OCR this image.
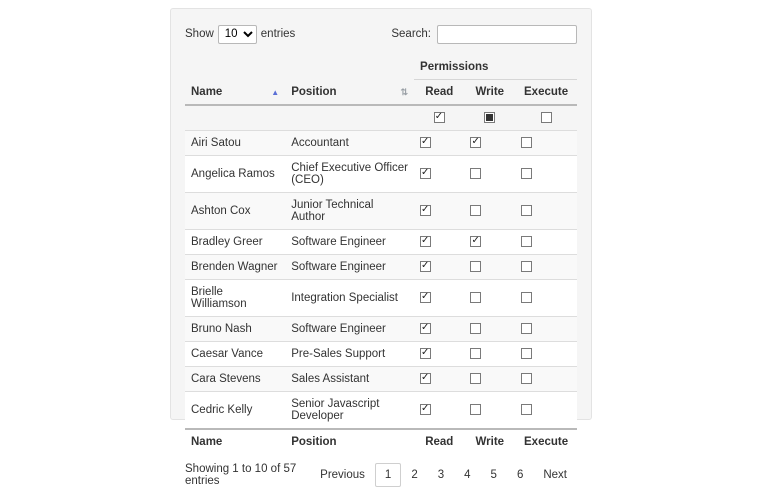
Show
10	entries	Search:
		Permissions		
Name ▲	Position ⇅	Read	Write	Execute
		✓		
Airi Satou	Accountant	✓	✓	
Angelica Ramos	Chief Executive Officer (CEO)	✓		
Ashton Cox	Junior Technical Author	✓		
Bradley Greer	Software Engineer	✓	✓	
Brenden Wagner	Software Engineer	✓		
Brielle Williamson	Integration Specialist	✓		
Bruno Nash	Software Engineer	✓		
Caesar Vance	Pre-Sales Support	✓		
Cara Stevens	Sales Assistant	✓		
Cedric Kelly	Senior Javascript Developer	✓		
Name	Position	Read	Write	Execute
Showing 1 to 10 of 57 entries	Previous	1	2	3	4	5	6	Next
